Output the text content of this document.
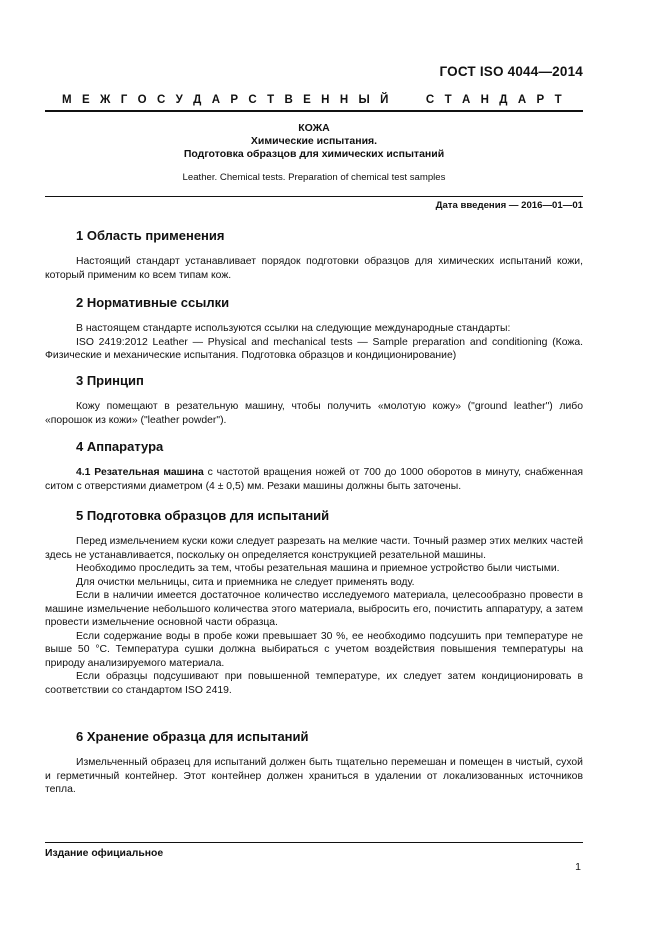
ГОСТ ISO 4044—2014
М Е Ж Г О С У Д А Р С Т В Е Н Н Ы Й

	С Т А Н Д А Р Т
КОЖА
Химические испытания.
Подготовка образцов для химических испытаний
Leather. Chemical tests. Preparation of chemical test samples
Дата введения — 2016—01—01
1 Область применения

Настоящий стандарт устанавливает порядок подготовки образцов для химических испытаний кожи, который применим ко всем типам кож.

2 Нормативные ссылки

В настоящем стандарте используются ссылки на следующие международные стандарты:

ISO 2419:2012 Leather — Physical and mechanical tests — Sample preparation and conditioning (Кожа. Физические и механические испытания. Подготовка образцов и кондиционирование)

3 Принцип

Кожу помещают в резательную машину, чтобы получить «молотую кожу» ("ground leather") либо «порошок из кожи» ("leather powder").

4 Аппаратура

4.1 Резательная машина с частотой вращения ножей от 700 до 1000 оборотов в минуту, снабженная ситом с отверстиями диаметром (4 ± 0,5) мм. Резаки машины должны быть заточены.

5 Подготовка образцов для испытаний

Перед измельчением куски кожи следует разрезать на мелкие части. Точный размер этих мелких частей здесь не устанавливается, поскольку он определяется конструкцией резательной машины.

Необходимо проследить за тем, чтобы резательная машина и приемное устройство были чистыми.

Для очистки мельницы, сита и приемника не следует применять воду.

Если в наличии имеется достаточное количество исследуемого материала, целесообразно провести в машине измельчение небольшого количества этого материала, выбросить его, почистить аппаратуру, а затем провести измельчение основной части образца.

Если содержание воды в пробе кожи превышает 30 %, ее необходимо подсушить при температуре не выше 50 °С. Температура сушки должна выбираться с учетом воздействия повышения температуры на природу анализируемого материала.

Если образцы подсушивают при повышенной температуре, их следует затем кондиционировать в соответствии со стандартом ISO 2419.

6 Хранение образца для испытаний

Измельченный образец для испытаний должен быть тщательно перемешан и помещен в чистый, сухой и герметичный контейнер. Этот контейнер должен храниться в удалении от локализованных источников тепла.

Издание официальное
1
